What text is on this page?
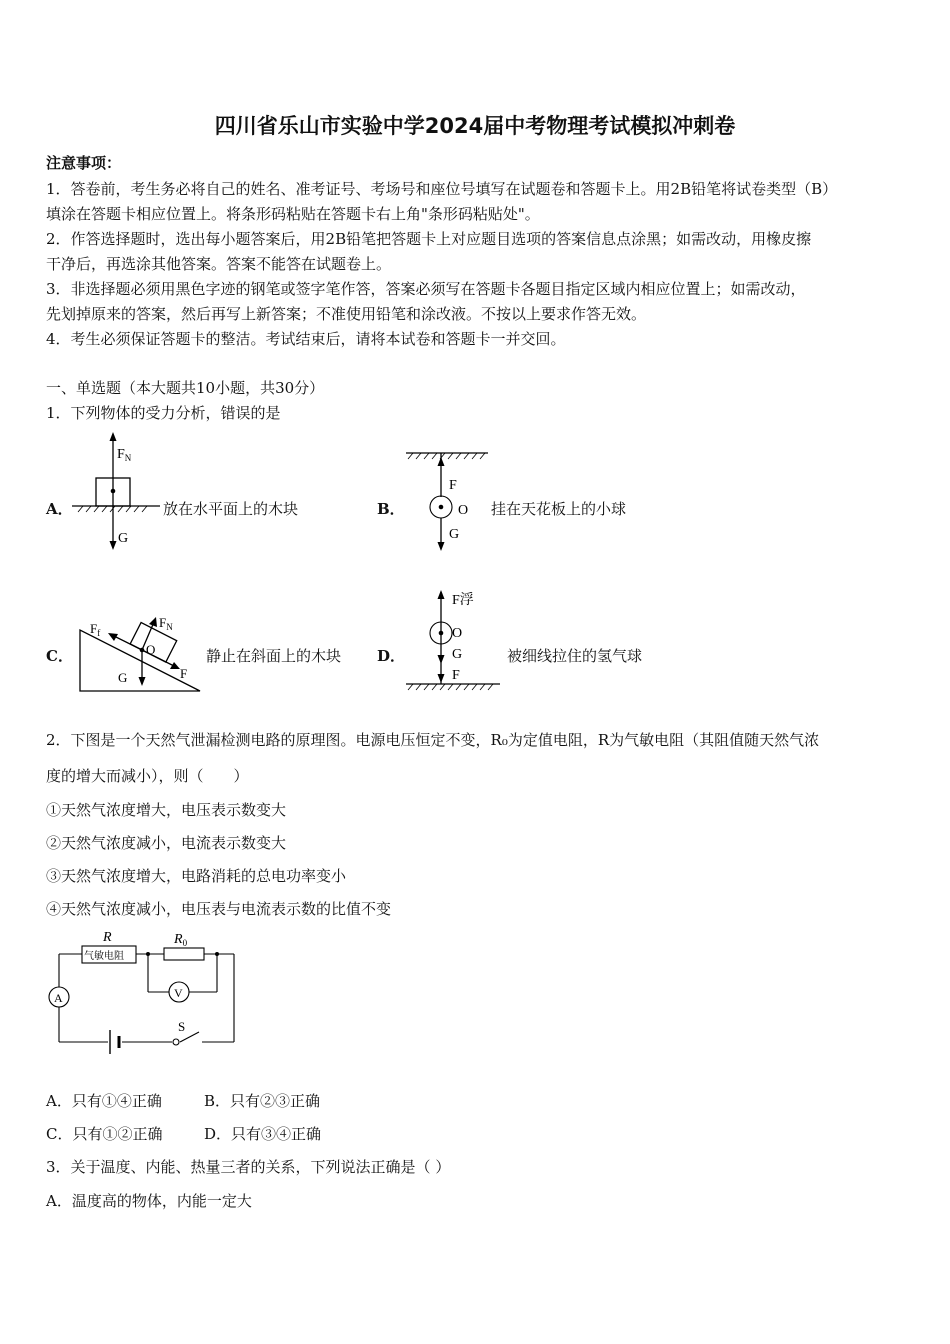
四川省乐山市实验中学2024届中考物理考试模拟冲刺卷
注意事项：
1．答卷前，考生务必将自己的姓名、准考证号、考场号和座位号填写在试题卷和答题卡上。用2B铅笔将试卷类型（B）
填涂在答题卡相应位置上。将条形码粘贴在答题卡右上角"条形码粘贴处"。
2．作答选择题时，选出每小题答案后，用2B铅笔把答题卡上对应题目选项的答案信息点涂黑；如需改动，用橡皮擦
干净后，再选涂其他答案。答案不能答在试题卷上。
3．非选择题必须用黑色字迹的钢笔或签字笔作答，答案必须写在答题卡各题目指定区域内相应位置上；如需改动，
先划掉原来的答案，然后再写上新答案；不准使用铅笔和涂改液。不按以上要求作答无效。
4．考生必须保证答题卡的整洁。考试结束后，请将本试卷和答题卡一并交回。
一、单选题（本大题共10小题，共30分）
1．下列物体的受力分析，错误的是
A．	放在水平面上的木块	B．	挂在天花板上的小球
C．	静止在斜面上的木块 D．	被细线拉住的氢气球
$F_N$
G
F
O
G
$F_f$
$F_N$
O
G	F
F浮
O
G
F
2．下图是一个天然气泄漏检测电路的原理图。电源电压恒定不变，R₀为定值电阻，R为气敏电阻（其阻值随天然气浓
度的增大而减小），则（　　）
①天然气浓度增大，电压表示数变大
②天然气浓度减小，电流表示数变大
③天然气浓度增大，电路消耗的总电功率变小
④天然气浓度减小，电压表与电流表示数的比值不变
R
气敏电阻
$R_0$
A	V
S
A．只有①④正确	B．只有②③正确
C．只有①②正确	D．只有③④正确
3．关于温度、内能、热量三者的关系，下列说法正确是（ ）
A．温度高的物体，内能一定大
